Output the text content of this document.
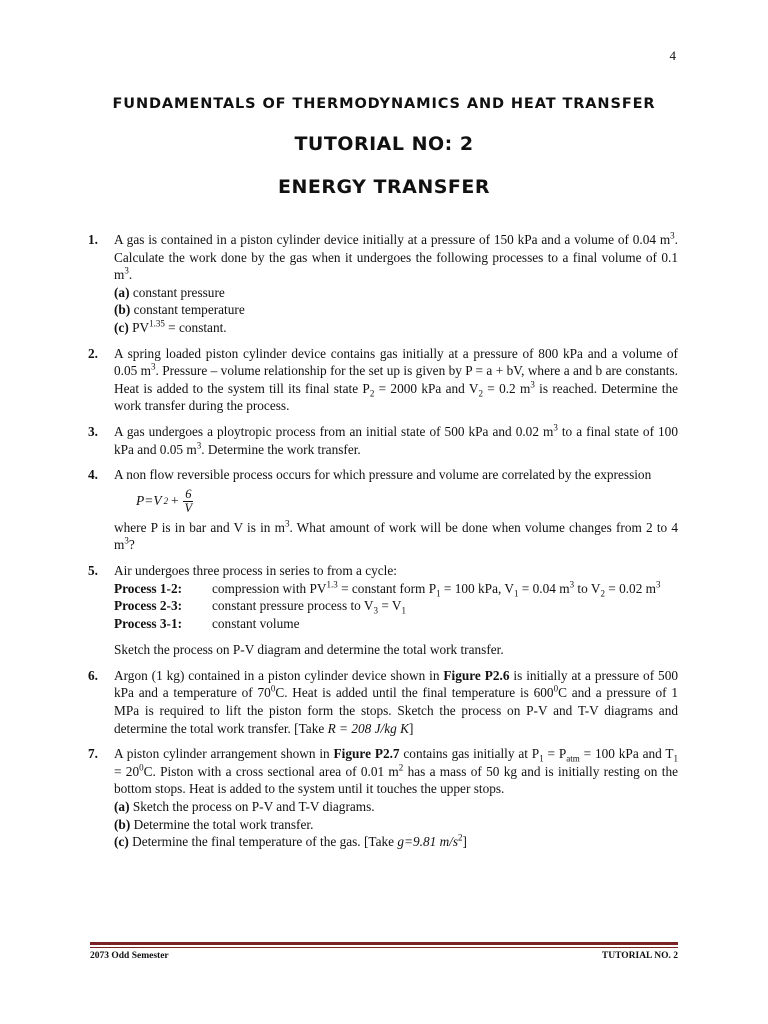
4
FUNDAMENTALS OF THERMODYNAMICS AND HEAT TRANSFER
TUTORIAL NO: 2
ENERGY TRANSFER
1. A gas is contained in a piston cylinder device initially at a pressure of 150 kPa and a volume of 0.04 $m^3$. Calculate the work done by the gas when it undergoes the following processes to a final volume of 0.1 $m^3$.
(a) constant pressure
(b) constant temperature
(c) $PV^{1.35}$ = constant.
2. A spring loaded piston cylinder device contains gas initially at a pressure of 800 kPa and a volume of 0.05 $m^3$. Pressure – volume relationship for the set up is given by P = a + bV, where a and b are constants. Heat is added to the system till its final state $P_2 = 2000$ kPa and $V_2 = 0.2$ $m^3$ is reached. Determine the work transfer during the process.
3. A gas undergoes a ploytropic process from an initial state of 500 kPa and 0.02 $m^3$ to a final state of 100 kPa and 0.05 $m^3$. Determine the work transfer.
4. A non flow reversible process occurs for which pressure and volume are correlated by the expression
P=V $2 + \frac{6}{V}$
where P is in bar and V is in $m^3$. What amount of work will be done when volume changes from 2 to 4 $m^3$?
5. Air undergoes three process in series to from a cycle:
Process 1-2:	compression with $PV^{1.3}$ = constant form $P_1 = 100$ kPa, $V_1 = 0.04$ $m^3$ to $V_2 = 0.02$ $m^3$
Process 2-3:	constant pressure process to $V_3 = V_1$
Process 3-1:	constant volume
Sketch the process on P-V diagram and determine the total work transfer.
6. Argon (1 kg) contained in a piston cylinder device shown in Figure P2.6 is initially at a pressure of 500 kPa and a temperature of $70^0C$. Heat is added until the final temperature is $600^0C$ and a pressure of 1 MPa is required to lift the piston form the stops. Sketch the process on P-V and T-V diagrams and determine the total work transfer. [Take R = 208 J/kg K]
7. A piston cylinder arrangement shown in Figure P2.7 contains gas initially at $P_1 = P_{atm} = 100$ kPa and $T_1 = 20^0C$. Piston with a cross sectional area of 0.01 $m^2$ has a mass of 50 kg and is initially resting on the bottom stops. Heat is added to the system until it touches the upper stops.
(a) Sketch the process on P-V and T-V diagrams.
(b) Determine the total work transfer.
(c) Determine the final temperature of the gas. [Take g=9.81 $m/s^2$]
2073 Odd Semester	TUTORIAL NO. 2
